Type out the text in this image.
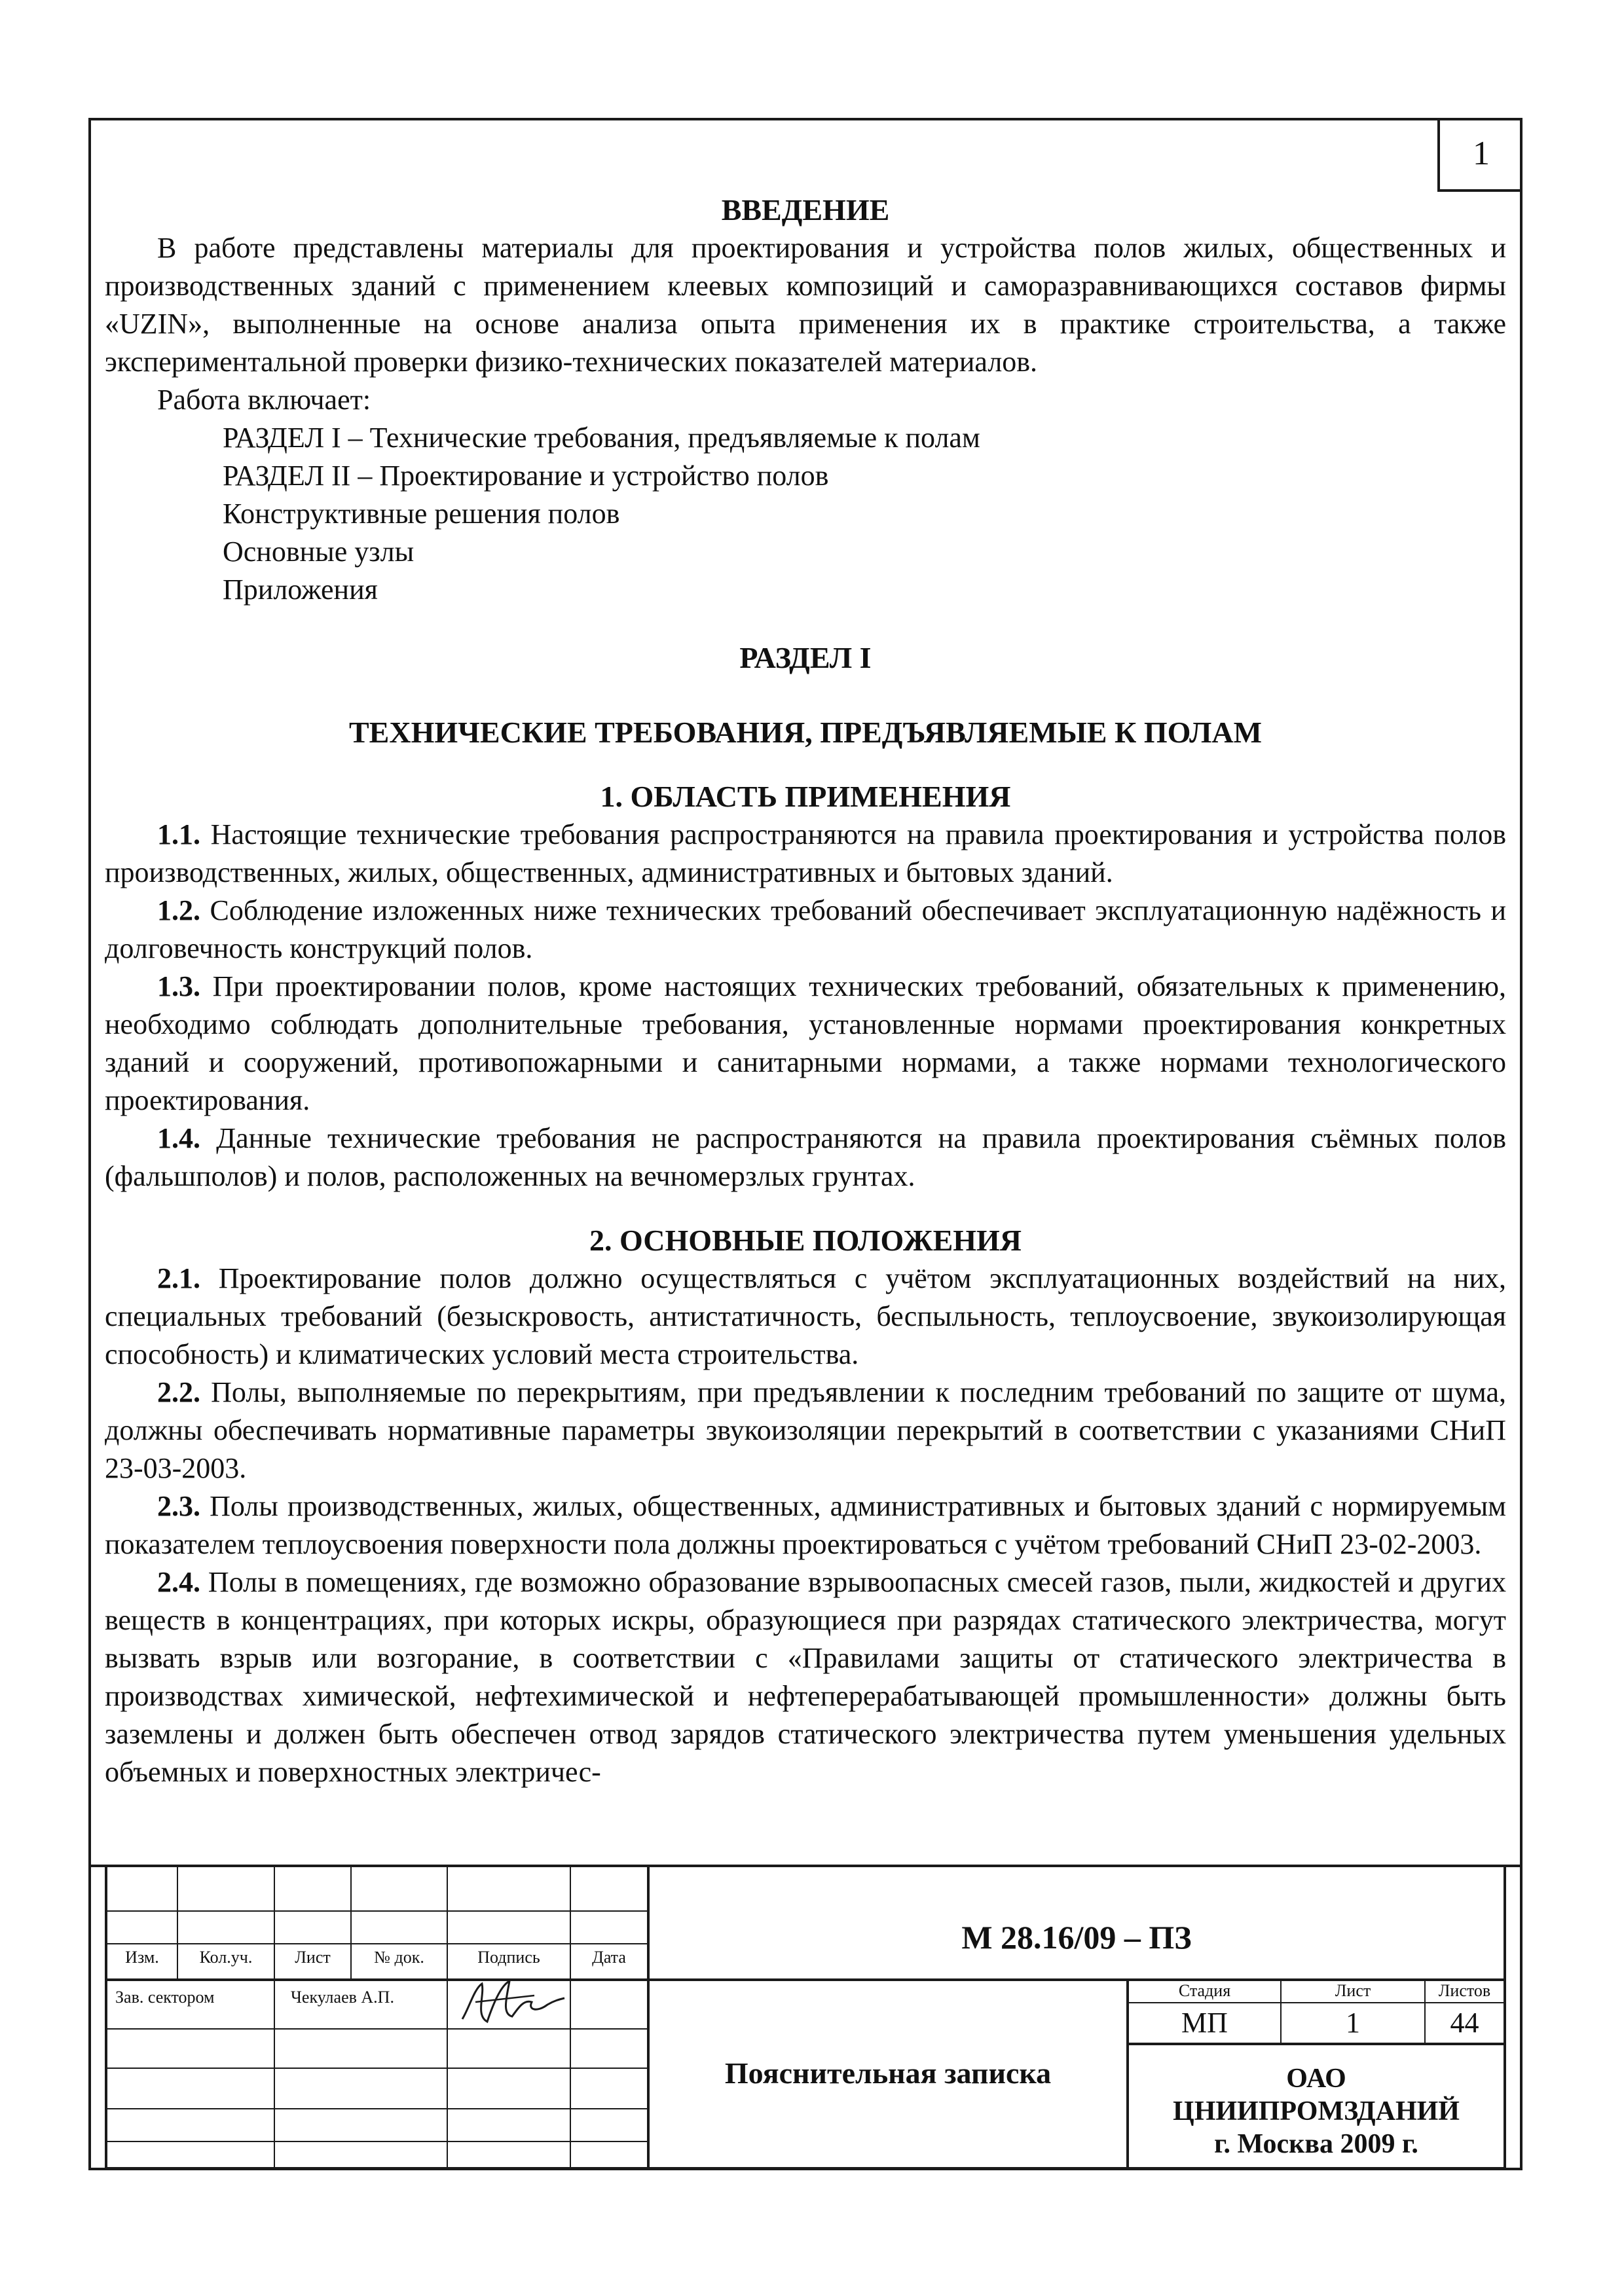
1

ВВЕДЕНИЕ

В работе представлены материалы для проектирования и устройства полов жилых, общественных и производственных зданий с применением клеевых композиций и саморазравнивающихся составов фирмы «UZIN», выполненные на основе анализа опыта применения их в практике строительства, а также экспериментальной проверки физико-технических показателей материалов.

Работа включает:

РАЗДЕЛ I – Технические требования, предъявляемые к полам
РАЗДЕЛ II – Проектирование и устройство полов
Конструктивные решения полов
Основные узлы
Приложения

РАЗДЕЛ I

ТЕХНИЧЕСКИЕ ТРЕБОВАНИЯ, ПРЕДЪЯВЛЯЕМЫЕ К ПОЛАМ

1. ОБЛАСТЬ ПРИМЕНЕНИЯ

1.1. Настоящие технические требования распространяются на правила проектирования и устройства полов производственных, жилых, общественных, административных и бытовых зданий.

1.2. Соблюдение изложенных ниже технических требований обеспечивает эксплуатационную надёжность и долговечность конструкций полов.

1.3. При проектировании полов, кроме настоящих технических требований, обязательных к применению, необходимо соблюдать дополнительные требования, установленные нормами проектирования конкретных зданий и сооружений, противопожарными и санитарными нормами, а также нормами технологического проектирования.

1.4. Данные технические требования не распространяются на правила проектирования съёмных полов (фальшполов) и полов, расположенных на вечномерзлых грунтах.

2. ОСНОВНЫЕ ПОЛОЖЕНИЯ

2.1. Проектирование полов должно осуществляться с учётом эксплуатационных воздействий на них, специальных требований (безыскровость, антистатичность, беспыльность, теплоусвоение, звукоизолирующая способность) и климатических условий места строительства.

2.2. Полы, выполняемые по перекрытиям, при предъявлении к последним требований по защите от шума, должны обеспечивать нормативные параметры звукоизоляции перекрытий в соответствии с указаниями СНиП 23-03-2003.

2.3. Полы производственных, жилых, общественных, административных и бытовых зданий с нормируемым показателем теплоусвоения поверхности пола должны проектироваться с учётом требований СНиП 23-02-2003.

2.4. Полы в помещениях, где возможно образование взрывоопасных смесей газов, пыли, жидкостей и других веществ в концентрациях, при которых искры, образующиеся при разрядах статического электричества, могут вызвать взрыв или возгорание, в соответствии с «Правилами защиты от статического электричества в производствах химической, нефтехимической и нефтеперерабатывающей промышленности» должны быть заземлены и должен быть обеспечен отвод зарядов статического электричества путем уменьшения удельных объемных и поверхностных электричес-

Изм.	Кол.уч.	Лист	№ док.	Подпись	Дата
Зав. сектором	Чекулаев А.П.
М 28.16/09 – ПЗ
Пояснительная записка
Стадия	Лист	Листов
МП	1	44
ОАО
ЦНИИПРОМЗДАНИЙ
г. Москва 2009 г.
